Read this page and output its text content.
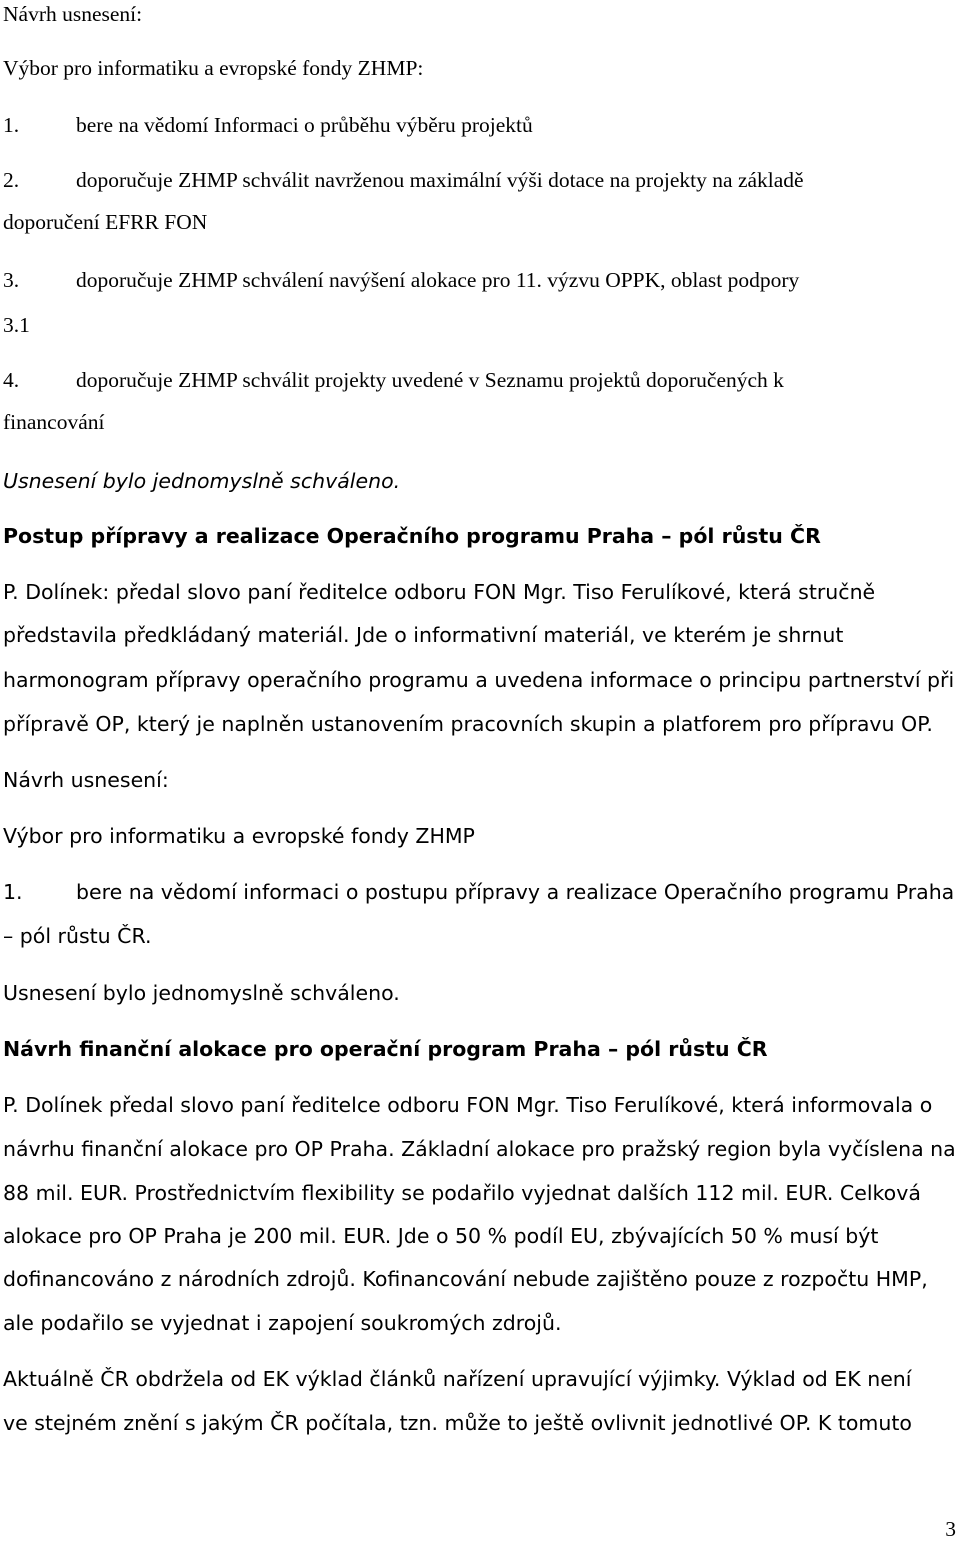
Návrh usnesení:
Výbor pro informatiku a evropské fondy ZHMP:
1.	bere na vědomí Informaci o průběhu výběru projektů
2.	doporučuje ZHMP schválit navrženou maximální výši dotace na projekty na základě
doporučení EFRR FON
3.	doporučuje ZHMP schválení navýšení alokace pro 11. výzvu OPPK, oblast podpory
3.1
4.	doporučuje ZHMP schválit projekty uvedené v Seznamu projektů doporučených k
financování
Usnesení bylo jednomyslně schváleno.
Postup přípravy a realizace Operačního programu Praha – pól růstu ČR
P. Dolínek: předal slovo paní ředitelce odboru FON Mgr. Tiso Ferulíkové, která stručně
představila předkládaný materiál. Jde o informativní materiál, ve kterém je shrnut
harmonogram přípravy operačního programu a uvedena informace o principu partnerství při
přípravě OP, který je naplněn ustanovením pracovních skupin a platforem pro přípravu OP.
Návrh usnesení:
Výbor pro informatiku a evropské fondy ZHMP
1.	bere na vědomí informaci o postupu přípravy a realizace Operačního programu Praha
– pól růstu ČR.
Usnesení bylo jednomyslně schváleno.
Návrh finanční alokace pro operační program Praha – pól růstu ČR
P. Dolínek předal slovo paní ředitelce odboru FON Mgr. Tiso Ferulíkové, která informovala o
návrhu finanční alokace pro OP Praha. Základní alokace pro pražský region byla vyčíslena na
88 mil. EUR. Prostřednictvím flexibility se podařilo vyjednat dalších 112 mil. EUR. Celková
alokace pro OP Praha je 200 mil. EUR. Jde o 50 % podíl EU, zbývajících 50 % musí být
dofinancováno z národních zdrojů. Kofinancování nebude zajištěno pouze z rozpočtu HMP,
ale podařilo se vyjednat i zapojení soukromých zdrojů.
Aktuálně ČR obdržela od EK výklad článků nařízení upravující výjimky. Výklad od EK není
ve stejném znění s jakým ČR počítala, tzn. může to ještě ovlivnit jednotlivé OP. K tomuto
3
